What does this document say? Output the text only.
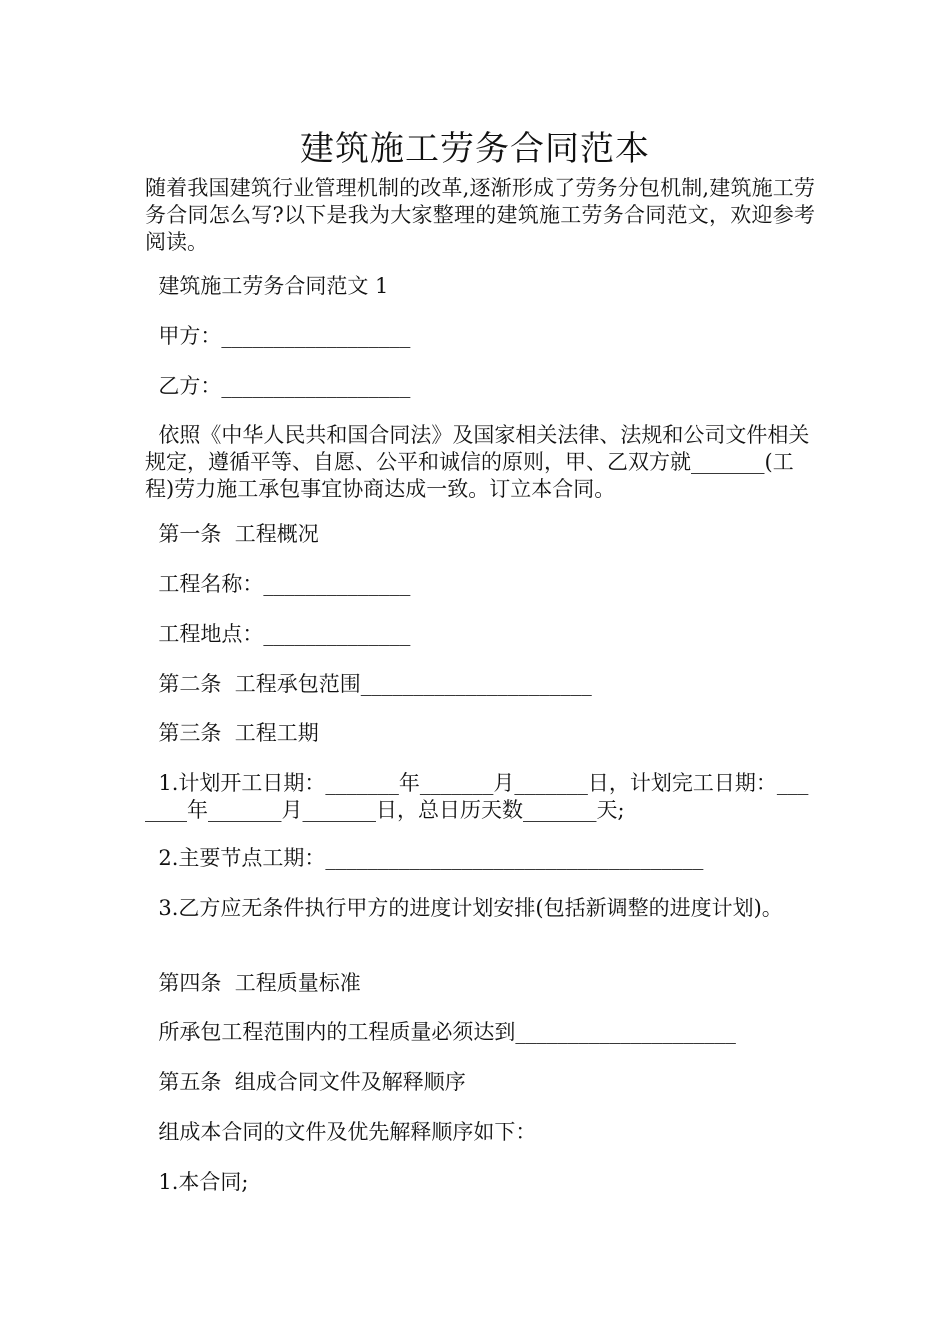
建筑施工劳务合同范本
随着我国建筑行业管理机制的改革,逐渐形成了劳务分包机制,建筑施工劳务合同怎么写?以下是我为大家整理的建筑施工劳务合同范文，欢迎参考阅读。
建筑施工劳务合同范文 1
甲方：__________________
乙方：__________________
依照《中华人民共和国合同法》及国家相关法律、法规和公司文件相关规定，遵循平等、自愿、公平和诚信的原则，甲、乙双方就_______(工程)劳力施工承包事宜协商达成一致。订立本合同。
第一条  工程概况
工程名称：______________
工程地点：______________
第二条  工程承包范围______________________
第三条  工程工期
1.计划开工日期：_______年_______月_______日，计划完工日期：_______年_______月_______日，总日历天数_______天;
2.主要节点工期：____________________________________
3.乙方应无条件执行甲方的进度计划安排(包括新调整的进度计划)。
第四条  工程质量标准
所承包工程范围内的工程质量必须达到_____________________
第五条  组成合同文件及解释顺序
组成本合同的文件及优先解释顺序如下：
1.本合同;
